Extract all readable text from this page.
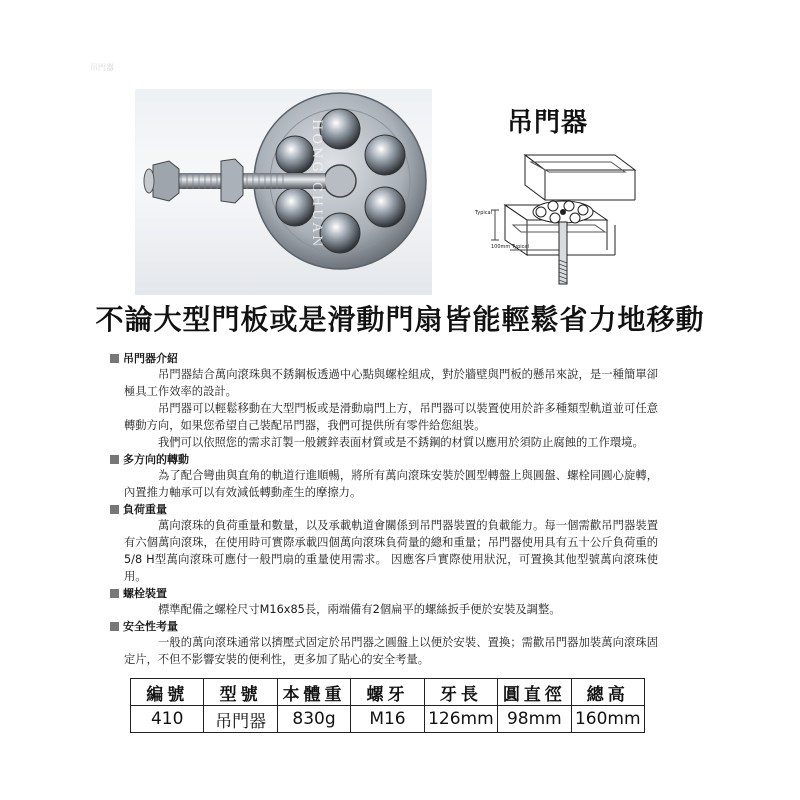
吊門器
HONG CHUAN	吊門器
Typical
100mm Typical
不論大型門板或是滑動門扇皆能輕鬆省力地移動
吊門器介紹
吊門器結合萬向滾珠與不銹鋼板透過中心點與螺栓組成，對於牆壁與門板的懸吊來說，是一種簡單卻極具工作效率的設計。
吊門器可以輕鬆移動在大型門板或是滑動扇門上方，吊門器可以裝置使用於許多種類型軌道並可任意轉動方向，如果您希望自己裝配吊門器，我們可提供所有零件給您組裝。
我們可以依照您的需求訂製一般鍍鋅表面材質或是不銹鋼的材質以應用於須防止腐蝕的工作環境。
多方向的轉動
為了配合彎曲與直角的軌道行進順暢，將所有萬向滾珠安裝於圓型轉盤上與圓盤、螺栓同圓心旋轉，內置推力軸承可以有效減低轉動產生的摩擦力。
負荷重量
萬向滾珠的負荷重量和數量，以及承載軌道會關係到吊門器裝置的負載能力。每一個需歡吊門器裝置有六個萬向滾珠，在使用時可實際承載四個萬向滾珠負荷量的總和重量；吊門器使用具有五十公斤負荷重的 5/8 H型萬向滾珠可應付一般門扇的重量使用需求。 因應客戶實際使用狀況，可置換其他型號萬向滾珠使用。
螺栓裝置
標準配備之螺栓尺寸M16x85長，兩端備有2個扁平的螺絲扳手便於安裝及調整。
安全性考量
一般的萬向滾珠通常以擠壓式固定於吊門器之圓盤上以便於安裝、置換；需歡吊門器加裝萬向滾珠固定片，不但不影響安裝的便利性，更多加了貼心的安全考量。
編號	型號	本體重	螺牙	牙長	圓直徑	總高
410	吊門器	830g	M16	126mm	98mm	160mm
